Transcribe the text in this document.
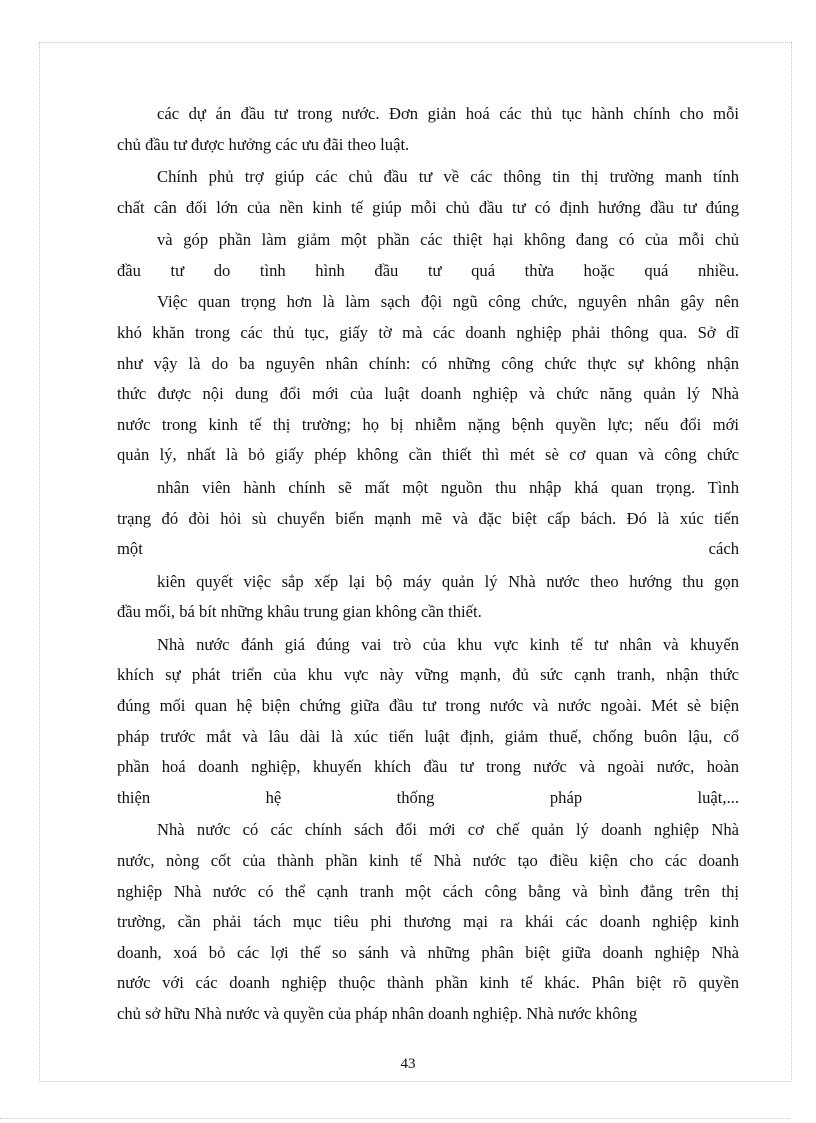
các dự án đầu tư trong nước. Đơn giản hoá các thủ tục hành chính cho mỗi
chủ đầu tư được hưởng các ưu đãi theo luật.
Chính phủ trợ giúp các chủ đầu tư về các thông tin thị trường manh tính
chất cân đối lớn của nền kinh tế giúp mỗi chủ đầu tư có định hướng đầu tư đúng
và góp phần làm giảm một phần các thiệt hại không đang có của mỗi chủ
đầu tư do tình hình đầu tư quá thừa hoặc quá nhiều.
Việc quan trọng hơn là làm sạch đội ngũ công chức, nguyên nhân gây nên
khó khăn trong các thủ tục, giấy tờ mà các doanh nghiệp phải thông qua. Sở dĩ
như vậy là do ba nguyên nhân chính: có những công chức thực sự không nhận
thức được nội dung đổi mới của luật doanh nghiệp và chức năng quản lý Nhà
nước trong kinh tế thị trường; họ bị nhiễm nặng bệnh quyền lực; nếu đổi mới
quản lý, nhất là bỏ giấy phép không cần thiết thì mét sè cơ quan và công chức
nhân viên hành chính sẽ mất một nguồn thu nhập khá quan trọng. Tình
trạng đó đòi hỏi sù chuyển biến mạnh mẽ và đặc biệt cấp bách. Đó là xúc tiến
một cách
kiên quyết việc sắp xếp lại bộ máy quản lý Nhà nước theo hướng thu gọn
đầu mối, bá bít những khâu trung gian không cần thiết.
Nhà nước đánh giá đúng vai trò của khu vực kinh tế tư nhân và khuyến
khích sự phát triển của khu vực này vững mạnh, đủ sức cạnh tranh, nhận thức
đúng mối quan hệ biện chứng giữa đầu tư trong nước và nước ngoài. Mét sè biện
pháp trước mắt và lâu dài là xúc tiến luật định, giảm thuế, chống buôn lậu, cổ
phần hoá doanh nghiệp, khuyến khích đầu tư trong nước và ngoài nước, hoàn
thiện hệ thống pháp luật,...
Nhà nước có các chính sách đổi mới cơ chế quản lý doanh nghiệp Nhà
nước, nòng cốt của thành phần kinh tế Nhà nước tạo điều kiện cho các doanh
nghiệp Nhà nước có thể cạnh tranh một cách công bằng và bình đẳng trên thị
trường, cần phải tách mục tiêu phi thương mại ra khái các doanh nghiệp kinh
doanh, xoá bỏ các lợi thế so sánh và những phân biệt giữa doanh nghiệp Nhà
nước với các doanh nghiệp thuộc thành phần kinh tế khác. Phân biệt rõ quyền
43
chủ sở hữu Nhà nước và quyền của pháp nhân doanh nghiệp. Nhà nước không
